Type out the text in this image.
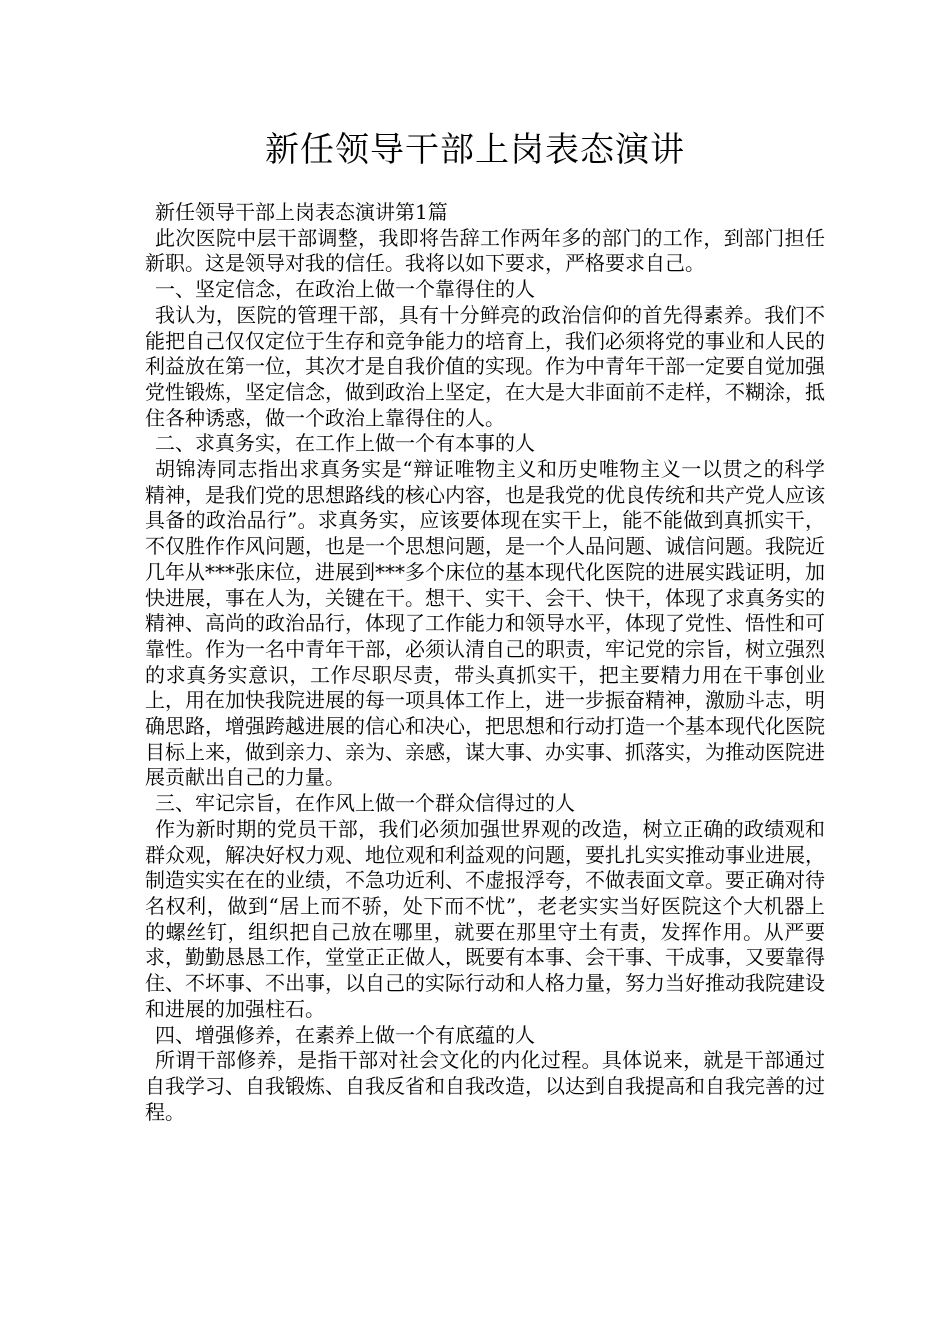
新任领导干部上岗表态演讲

新任领导干部上岗表态演讲第1篇

此次医院中层干部调整，我即将告辞工作两年多的部门的工作，到部门担任新职。这是领导对我的信任。我将以如下要求，严格要求自己。

一、坚定信念，在政治上做一个靠得住的人

我认为，医院的管理干部，具有十分鲜亮的政治信仰的首先得素养。我们不能把自己仅仅定位于生存和竞争能力的培育上，我们必须将党的事业和人民的利益放在第一位，其次才是自我价值的实现。作为中青年干部一定要自觉加强党性锻炼，坚定信念，做到政治上坚定，在大是大非面前不走样，不糊涂，抵住各种诱惑，做一个政治上靠得住的人。

二、求真务实，在工作上做一个有本事的人

胡锦涛同志指出求真务实是“辩证唯物主义和历史唯物主义一以贯之的科学精神，是我们党的思想路线的核心内容，也是我党的优良传统和共产党人应该具备的政治品行”。求真务实，应该要体现在实干上，能不能做到真抓实干，不仅胜作作风问题，也是一个思想问题，是一个人品问题、诚信问题。我院近几年从***张床位，进展到***多个床位的基本现代化医院的进展实践证明，加快进展，事在人为，关键在干。想干、实干、会干、快干，体现了求真务实的精神、高尚的政治品行，体现了工作能力和领导水平，体现了党性、悟性和可靠性。作为一名中青年干部，必须认清自己的职责，牢记党的宗旨，树立强烈的求真务实意识，工作尽职尽责，带头真抓实干，把主要精力用在干事创业上，用在加快我院进展的每一项具体工作上，进一步振奋精神，激励斗志，明确思路，增强跨越进展的信心和决心，把思想和行动打造一个基本现代化医院目标上来，做到亲力、亲为、亲感，谋大事、办实事、抓落实，为推动医院进展贡献出自己的力量。

三、牢记宗旨，在作风上做一个群众信得过的人

作为新时期的党员干部，我们必须加强世界观的改造，树立正确的政绩观和群众观，解决好权力观、地位观和利益观的问题，要扎扎实实推动事业进展，制造实实在在的业绩，不急功近利、不虚报浮夸，不做表面文章。要正确对待名权利，做到“居上而不骄，处下而不忧”，老老实实当好医院这个大机器上的螺丝钉，组织把自己放在哪里，就要在那里守土有责，发挥作用。从严要求，勤勤恳恳工作，堂堂正正做人，既要有本事、会干事、干成事，又要靠得住、不坏事、不出事，以自己的实际行动和人格力量，努力当好推动我院建设和进展的加强柱石。

四、增强修养，在素养上做一个有底蕴的人

所谓干部修养，是指干部对社会文化的内化过程。具体说来，就是干部通过自我学习、自我锻炼、自我反省和自我改造，以达到自我提高和自我完善的过程。
